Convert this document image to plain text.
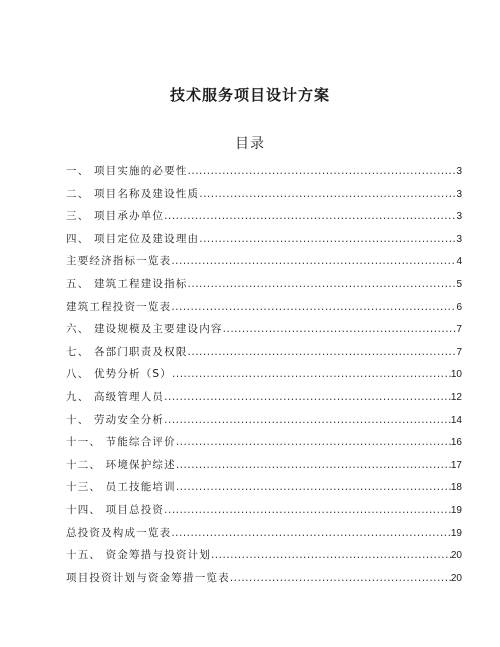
技术服务项目设计方案
目录
一、 项目实施的必要性 .....	3
二、 项目名称及建设性质 .....	3
三、 项目承办单位 .....	3
四、 项目定位及建设理由 .....	3
主要经济指标一览表 .....	4
五、 建筑工程建设指标 .....	5
建筑工程投资一览表 .....	6
六、 建设规模及主要建设内容 .....	7
七、 各部门职责及权限 .....	7
八、 优势分析（S） .....	10
九、 高级管理人员 .....	12
十、 劳动安全分析 .....	14
十一、 节能综合评价 .....	16
十二、 环境保护综述 .....	17
十三、 员工技能培训 .....	18
十四、 项目总投资 .....	19
总投资及构成一览表 .....	19
十五、 资金筹措与投资计划 .....	20
项目投资计划与资金筹措一览表 .....	20
